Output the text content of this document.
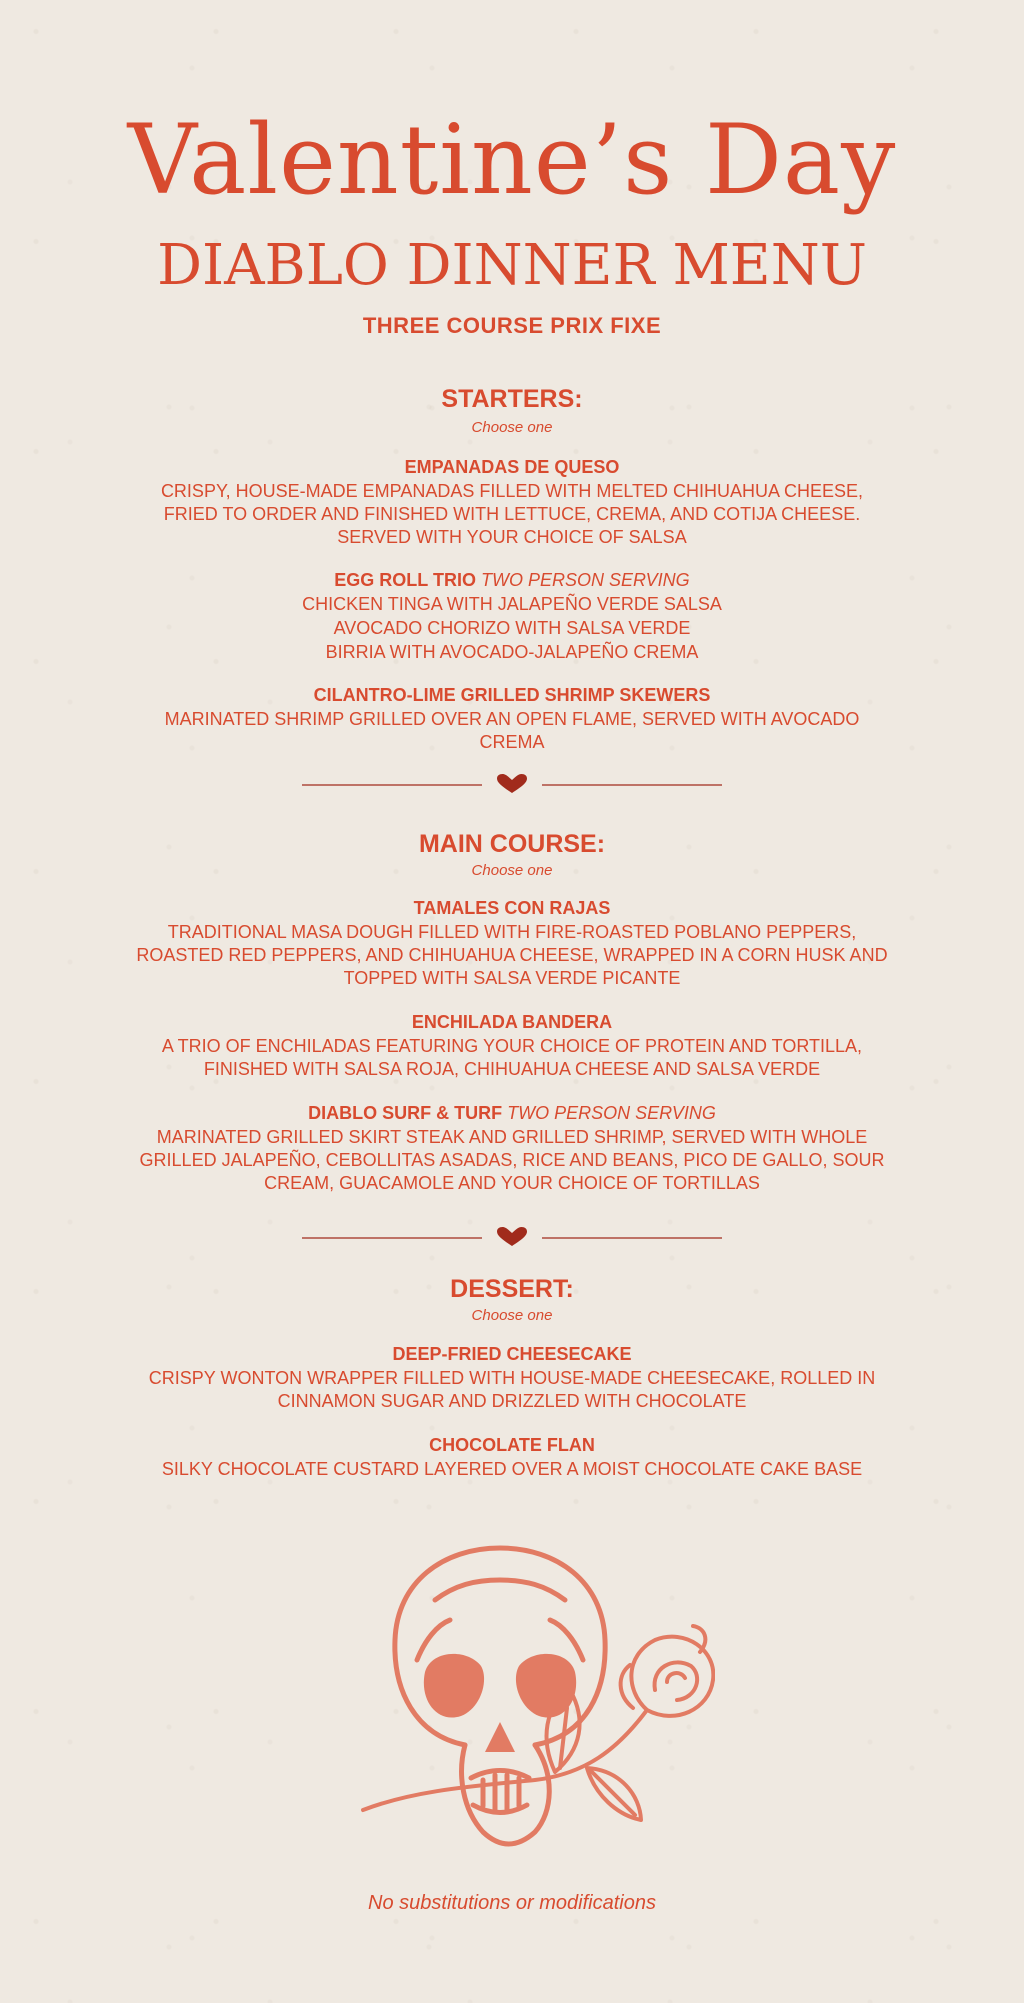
Valentine’s Day
DIABLO DINNER MENU
THREE COURSE PRIX FIXE
STARTERS:
Choose one
EMPANADAS DE QUESO
CRISPY, HOUSE-MADE EMPANADAS FILLED WITH MELTED CHIHUAHUA CHEESE, FRIED TO ORDER AND FINISHED WITH LETTUCE, CREMA, AND COTIJA CHEESE. SERVED WITH YOUR CHOICE OF SALSA
EGG ROLL TRIO TWO PERSON SERVING
CHICKEN TINGA WITH JALAPEÑO VERDE SALSA
AVOCADO CHORIZO WITH SALSA VERDE
BIRRIA WITH AVOCADO-JALAPEÑO CREMA
CILANTRO-LIME GRILLED SHRIMP SKEWERS
MARINATED SHRIMP GRILLED OVER AN OPEN FLAME, SERVED WITH AVOCADO CREMA
MAIN COURSE:
Choose one
TAMALES CON RAJAS
TRADITIONAL MASA DOUGH FILLED WITH FIRE-ROASTED POBLANO PEPPERS, ROASTED RED PEPPERS, AND CHIHUAHUA CHEESE, WRAPPED IN A CORN HUSK AND TOPPED WITH SALSA VERDE PICANTE
ENCHILADA BANDERA
A TRIO OF ENCHILADAS FEATURING YOUR CHOICE OF PROTEIN AND TORTILLA, FINISHED WITH SALSA ROJA, CHIHUAHUA CHEESE AND SALSA VERDE
DIABLO SURF & TURF TWO PERSON SERVING
MARINATED GRILLED SKIRT STEAK AND GRILLED SHRIMP, SERVED WITH WHOLE GRILLED JALAPEÑO, CEBOLLITAS ASADAS, RICE AND BEANS, PICO DE GALLO, SOUR CREAM, GUACAMOLE AND YOUR CHOICE OF TORTILLAS
DESSERT:
Choose one
DEEP-FRIED CHEESECAKE
CRISPY WONTON WRAPPER FILLED WITH HOUSE-MADE CHEESECAKE, ROLLED IN CINNAMON SUGAR AND DRIZZLED WITH CHOCOLATE
CHOCOLATE FLAN
SILKY CHOCOLATE CUSTARD LAYERED OVER A MOIST CHOCOLATE CAKE BASE
No substitutions or modifications
